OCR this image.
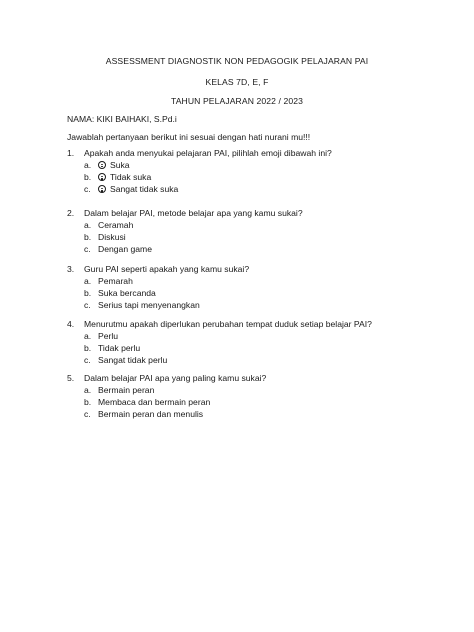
ASSESSMENT DIAGNOSTIK NON PEDAGOGIK PELAJARAN PAI
KELAS 7D, E, F
TAHUN PELAJARAN 2022 / 2023
NAMA: KIKI BAIHAKI, S.Pd.i
Jawablah pertanyaan berikut ini sesuai dengan hati nurani mu!!!
1. Apakah anda menyukai pelajaran PAI, pilihlah emoji dibawah ini?
a.	Suka
b.	Tidak suka
c.	Sangat tidak suka
2. Dalam belajar PAI, metode belajar apa yang kamu sukai?
a. Ceramah
b. Diskusi
c. Dengan game
3. Guru PAI seperti apakah yang kamu sukai?
a. Pemarah
b. Suka bercanda
c. Serius tapi menyenangkan
4. Menurutmu apakah diperlukan perubahan tempat duduk setiap belajar PAI?
a. Perlu
b. Tidak perlu
c. Sangat tidak perlu
5. Dalam belajar PAI apa yang paling kamu sukai?
a. Bermain peran
b. Membaca dan bermain peran
c. Bermain peran dan menulis
